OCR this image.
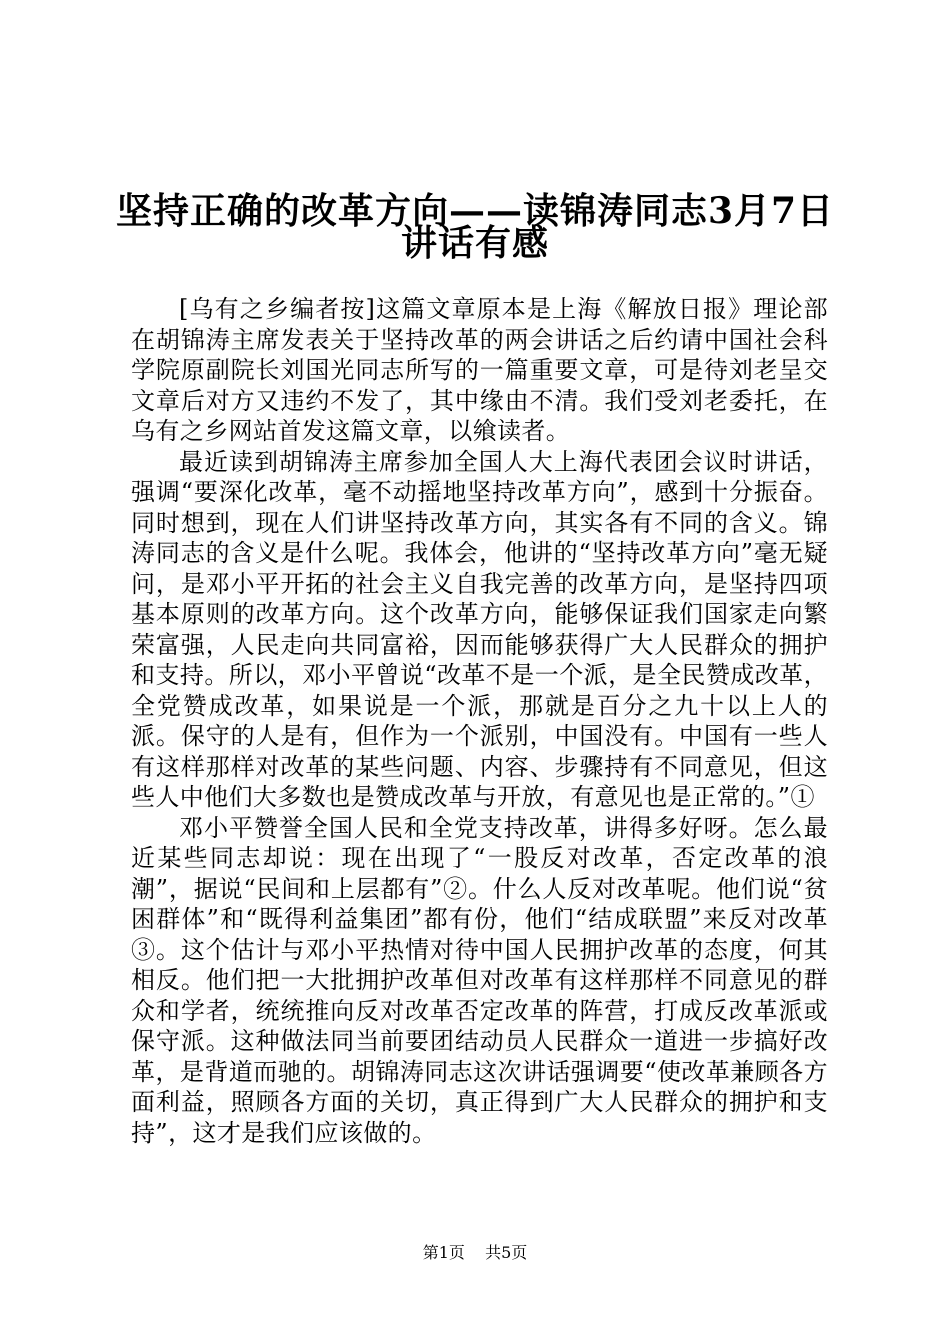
坚持正确的改革方向——读锦涛同志3月7日
讲话有感

[乌有之乡编者按]这篇文章原本是上海《解放日报》理论部在胡锦涛主席发表关于坚持改革的两会讲话之后约请中国社会科学院原副院长刘国光同志所写的一篇重要文章，可是待刘老呈交文章后对方又违约不发了，其中缘由不清。我们受刘老委托，在乌有之乡网站首发这篇文章，以飨读者。

最近读到胡锦涛主席参加全国人大上海代表团会议时讲话，强调“要深化改革，毫不动摇地坚持改革方向”，感到十分振奋。同时想到，现在人们讲坚持改革方向，其实各有不同的含义。锦涛同志的含义是什么呢。我体会，他讲的“坚持改革方向”毫无疑问，是邓小平开拓的社会主义自我完善的改革方向，是坚持四项基本原则的改革方向。这个改革方向，能够保证我们国家走向繁荣富强，人民走向共同富裕，因而能够获得广大人民群众的拥护和支持。所以，邓小平曾说“改革不是一个派，是全民赞成改革，全党赞成改革，如果说是一个派，那就是百分之九十以上人的派。保守的人是有，但作为一个派别，中国没有。中国有一些人有这样那样对改革的某些问题、内容、步骤持有不同意见，但这些人中他们大多数也是赞成改革与开放，有意见也是正常的。”①

邓小平赞誉全国人民和全党支持改革，讲得多好呀。怎么最近某些同志却说：现在出现了“一股反对改革，否定改革的浪潮”，据说“民间和上层都有”②。什么人反对改革呢。他们说“贫困群体”和“既得利益集团”都有份，他们“结成联盟”来反对改革③。这个估计与邓小平热情对待中国人民拥护改革的态度，何其相反。他们把一大批拥护改革但对改革有这样那样不同意见的群众和学者，统统推向反对改革否定改革的阵营，打成反改革派或保守派。这种做法同当前要团结动员人民群众一道进一步搞好改革，是背道而驰的。胡锦涛同志这次讲话强调要“使改革兼顾各方面利益，照顾各方面的关切，真正得到广大人民群众的拥护和支持”，这才是我们应该做的。

第1页 共5页
